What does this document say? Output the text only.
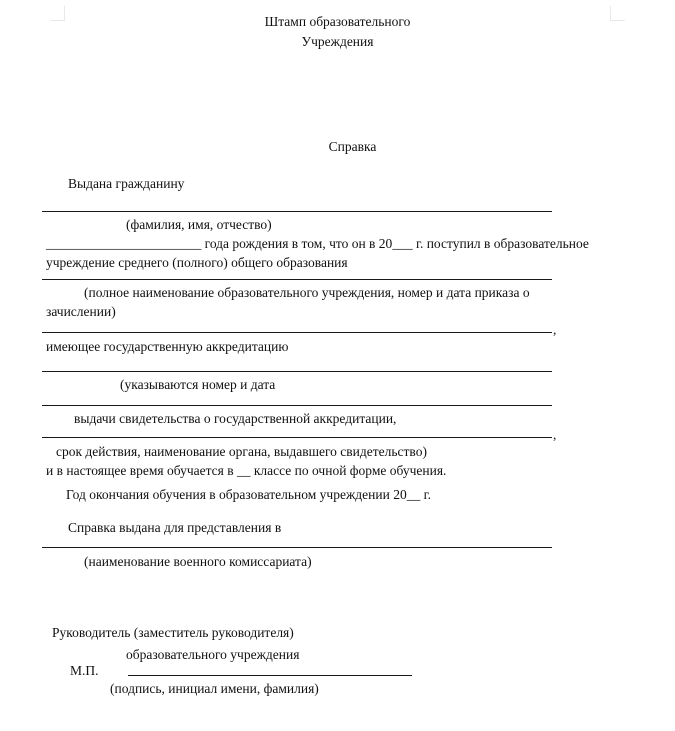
Штамп образовательного
Учреждения
Справка
Выдана гражданину
(фамилия, имя, отчество)
_______________________ года рождения в том, что он в 20___ г. поступил в образовательное
учреждение среднего (полного) общего образования
(полное наименование образовательного учреждения, номер и дата приказа о
зачислении)
,
имеющее государственную аккредитацию
(указываются номер и дата
выдачи свидетельства о государственной аккредитации,
,
срок действия, наименование органа, выдавшего свидетельство)
и в настоящее время обучается в __ классе по очной форме обучения.
Год окончания обучения в образовательном учреждении 20__ г.
Справка выдана для представления в
(наименование военного комиссариата)
Руководитель (заместитель руководителя)
образовательного учреждения
М.П.
(подпись, инициал имени, фамилия)
